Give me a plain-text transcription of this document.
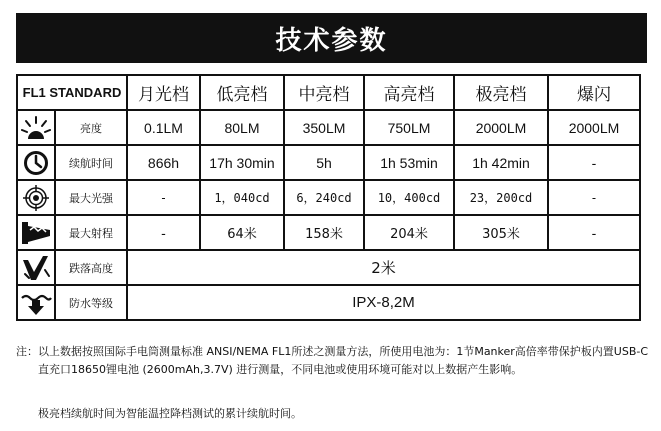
技术参数
FL1 STANDARD	月光档	低亮档	中亮档	高亮档	极亮档	爆闪

亮度	0.1LM	80LM	350LM	750LM	2000LM	2000LM

续航时间	866h	17h 30min	5h	1h 53min	1h 42min	-

最大光强	-	1，040cd	6，240cd	10，400cd	23，200cd	-

最大射程	-	64米	158米	204米	305米	-

跌落高度	2米					

防水等级	IPX-8,2M					
注： 以上数据按照国际手电筒测量标准 ANSI/NEMA FL1所述之测量方法，所使用电池为：1节Manker高倍率带保护板内置USB-C直充口18650锂电池 (2600mAh,3.7V) 进行测量，不同电池或使用环境可能对以上数据产生影响。
极亮档续航时间为智能温控降档测试的累计续航时间。
